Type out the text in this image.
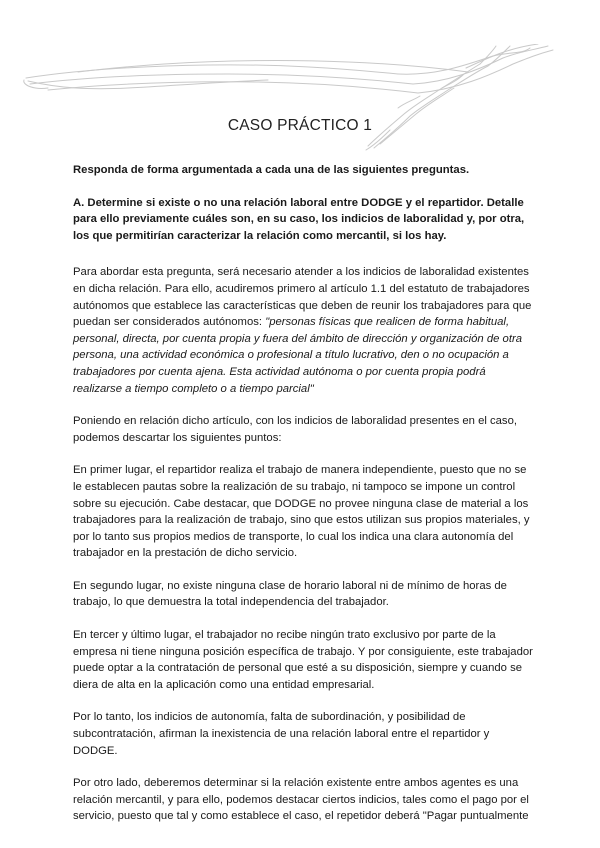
CASO PRÁCTICO 1

Responda de forma argumentada a cada una de las siguientes preguntas.

A. Determine si existe o no una relación laboral entre DODGE y el repartidor. Detalle para ello previamente cuáles son, en su caso, los indicios de laboralidad y, por otra, los que permitirían caracterizar la relación como mercantil, si los hay.

Para abordar esta pregunta, será necesario atender a los indicios de laboralidad existentes en dicha relación. Para ello, acudiremos primero al artículo 1.1 del estatuto de trabajadores autónomos que establece las características que deben de reunir los trabajadores para que puedan ser considerados autónomos: "personas físicas que realicen de forma habitual, personal, directa, por cuenta propia y fuera del ámbito de dirección y organización de otra persona, una actividad económica o profesional a título lucrativo, den o no ocupación a trabajadores por cuenta ajena. Esta actividad autónoma o por cuenta propia podrá realizarse a tiempo completo o a tiempo parcial"

Poniendo en relación dicho artículo, con los indicios de laboralidad presentes en el caso, podemos descartar los siguientes puntos:

En primer lugar, el repartidor realiza el trabajo de manera independiente, puesto que no se le establecen pautas sobre la realización de su trabajo, ni tampoco se impone un control sobre su ejecución. Cabe destacar, que DODGE no provee ninguna clase de material a los trabajadores para la realización de trabajo, sino que estos utilizan sus propios materiales, y por lo tanto sus propios medios de transporte, lo cual los indica una clara autonomía del trabajador en la prestación de dicho servicio.

En segundo lugar, no existe ninguna clase de horario laboral ni de mínimo de horas de trabajo, lo que demuestra la total independencia del trabajador.

En tercer y último lugar, el trabajador no recibe ningún trato exclusivo por parte de la empresa ni tiene ninguna posición específica de trabajo. Y por consiguiente, este trabajador puede optar a la contratación de personal que esté a su disposición, siempre y cuando se diera de alta en la aplicación como una entidad empresarial.

Por lo tanto, los indicios de autonomía, falta de subordinación, y posibilidad de subcontratación, afirman la inexistencia de una relación laboral entre el repartidor y DODGE.

Por otro lado, deberemos determinar si la relación existente entre ambos agentes es una relación mercantil, y para ello, podemos destacar ciertos indicios, tales como el pago por el servicio, puesto que tal y como establece el caso, el repetidor deberá "Pagar puntualmente
